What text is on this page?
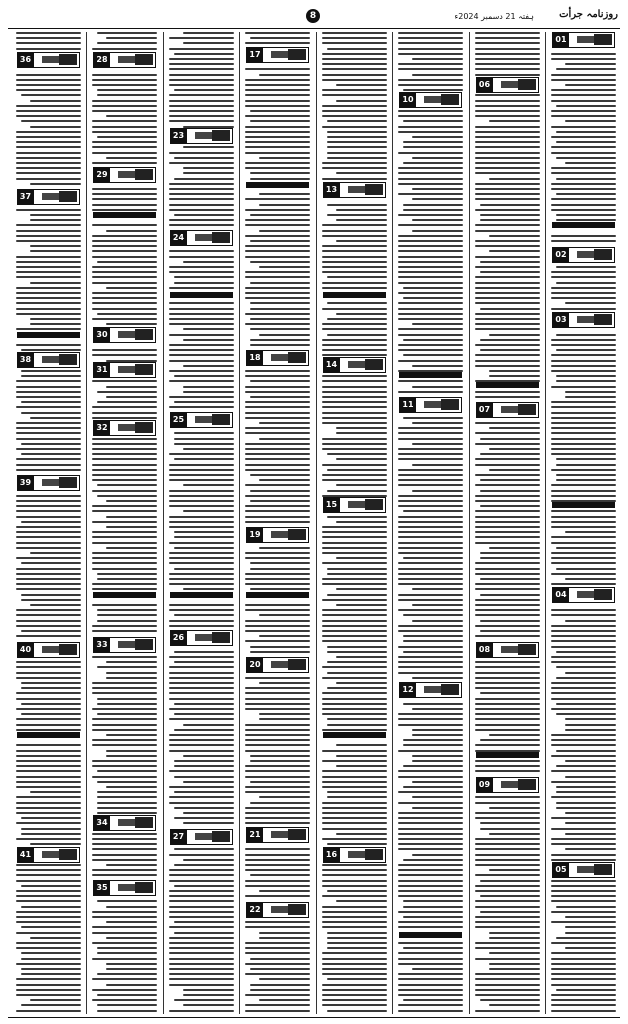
روزنامہ جرأت
ہفتہ 21 دسمبر 2024ء
8
01
02
03
04
05
06
07
08
09
10
11
12
13
14
15
16
17
18
19
20
21
22
23
24
25
26
27
28
29
30
31
32
33
34
35
36
37
38
39
40
41
